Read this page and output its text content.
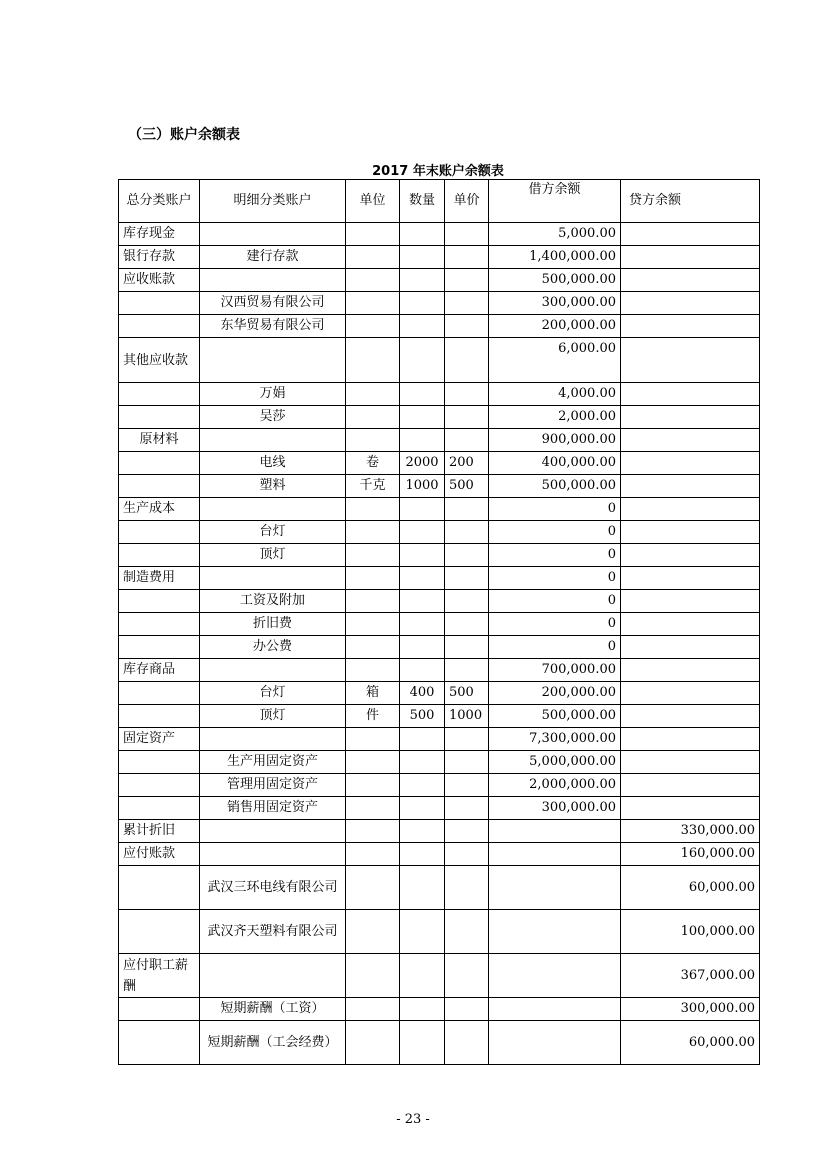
（三）账户余额表
2017 年末账户余额表
总分类账户	明细分类账户	单位	数量	单价	借方余额	贷方余额
库存现金					5,000.00	
银行存款	建行存款				1,400,000.00	
应收账款					500,000.00	
	汉西贸易有限公司				300,000.00	
	东华贸易有限公司				200,000.00	
其他应收款					6,000.00	
	万娟				4,000.00	
	吴莎				2,000.00	
原材料					900,000.00	
	电线	卷	2000	200	400,000.00	
	塑料	千克	1000	500	500,000.00	
生产成本					0	
	台灯				0	
	顶灯				0	
制造费用					0	
	工资及附加				0	
	折旧费				0	
	办公费				0	
库存商品					700,000.00	
	台灯	箱	400	500	200,000.00	
	顶灯	件	500	1000	500,000.00	
固定资产					7,300,000.00	
	生产用固定资产				5,000,000.00	
	管理用固定资产				2,000,000.00	
	销售用固定资产				300,000.00	
累计折旧						330,000.00
应付账款						160,000.00
	武汉三环电线有限公司					60,000.00
	武汉齐天塑料有限公司					100,000.00
应付职工薪酬						367,000.00
	短期薪酬（工资）					300,000.00
	短期薪酬（工会经费）					60,000.00
- 23 -
